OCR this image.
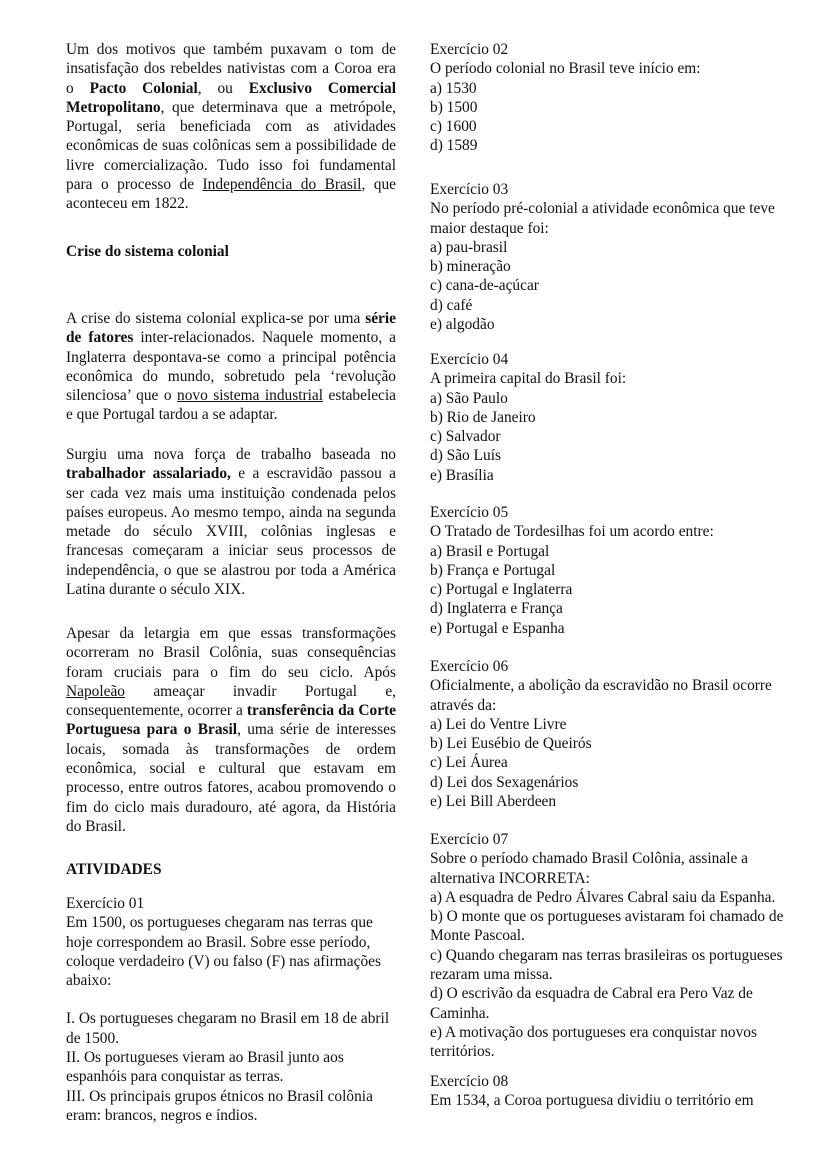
Um dos motivos que também puxavam o tom de insatisfação dos rebeldes nativistas com a Coroa era o Pacto Colonial, ou Exclusivo Comercial Metropolitano, que determinava que a metrópole, Portugal, seria beneficiada com as atividades econômicas de suas colônicas sem a possibilidade de livre comercialização. Tudo isso foi fundamental para o processo de Independência do Brasil, que aconteceu em 1822.
Crise do sistema colonial
A crise do sistema colonial explica-se por uma série de fatores inter-relacionados. Naquele momento, a Inglaterra despontava-se como a principal potência econômica do mundo, sobretudo pela ‘revolução silenciosa’ que o novo sistema industrial estabelecia e que Portugal tardou a se adaptar.
Surgiu uma nova força de trabalho baseada no trabalhador assalariado, e a escravidão passou a ser cada vez mais uma instituição condenada pelos países europeus. Ao mesmo tempo, ainda na segunda metade do século XVIII, colônias inglesas e francesas começaram a iniciar seus processos de independência, o que se alastrou por toda a América Latina durante o século XIX.
Apesar da letargia em que essas transformações ocorreram no Brasil Colônia, suas consequências foram cruciais para o fim do seu ciclo. Após Napoleão ameaçar invadir Portugal e, consequentemente, ocorrer a transferência da Corte Portuguesa para o Brasil, uma série de interesses locais, somada às transformações de ordem econômica, social e cultural que estavam em processo, entre outros fatores, acabou promovendo o fim do ciclo mais duradouro, até agora, da História do Brasil.
ATIVIDADES
Exercício 01
Em 1500, os portugueses chegaram nas terras que hoje correspondem ao Brasil. Sobre esse período, coloque verdadeiro (V) ou falso (F) nas afirmações abaixo:
I. Os portugueses chegaram no Brasil em 18 de abril de 1500.
II. Os portugueses vieram ao Brasil junto aos espanhóis para conquistar as terras.
III. Os principais grupos étnicos no Brasil colônia eram: brancos, negros e índios.
Exercício 02
O período colonial no Brasil teve início em:
a) 1530
b) 1500
c) 1600
d) 1589
Exercício 03
No período pré-colonial a atividade econômica que teve maior destaque foi:
a) pau-brasil
b) mineração
c) cana-de-açúcar
d) café
e) algodão
Exercício 04
A primeira capital do Brasil foi:
a) São Paulo
b) Rio de Janeiro
c) Salvador
d) São Luís
e) Brasília
Exercício 05
O Tratado de Tordesilhas foi um acordo entre:
a) Brasil e Portugal
b) França e Portugal
c) Portugal e Inglaterra
d) Inglaterra e França
e) Portugal e Espanha
Exercício 06
Oficialmente, a abolição da escravidão no Brasil ocorre através da:
a) Lei do Ventre Livre
b) Lei Eusébio de Queirós
c) Lei Áurea
d) Lei dos Sexagenários
e) Lei Bill Aberdeen
Exercício 07
Sobre o período chamado Brasil Colônia, assinale a alternativa INCORRETA:
a) A esquadra de Pedro Álvares Cabral saiu da Espanha.
b) O monte que os portugueses avistaram foi chamado de Monte Pascoal.
c) Quando chegaram nas terras brasileiras os portugueses rezaram uma missa.
d) O escrivão da esquadra de Cabral era Pero Vaz de Caminha.
e) A motivação dos portugueses era conquistar novos territórios.
Exercício 08
Em 1534, a Coroa portuguesa dividiu o território em
